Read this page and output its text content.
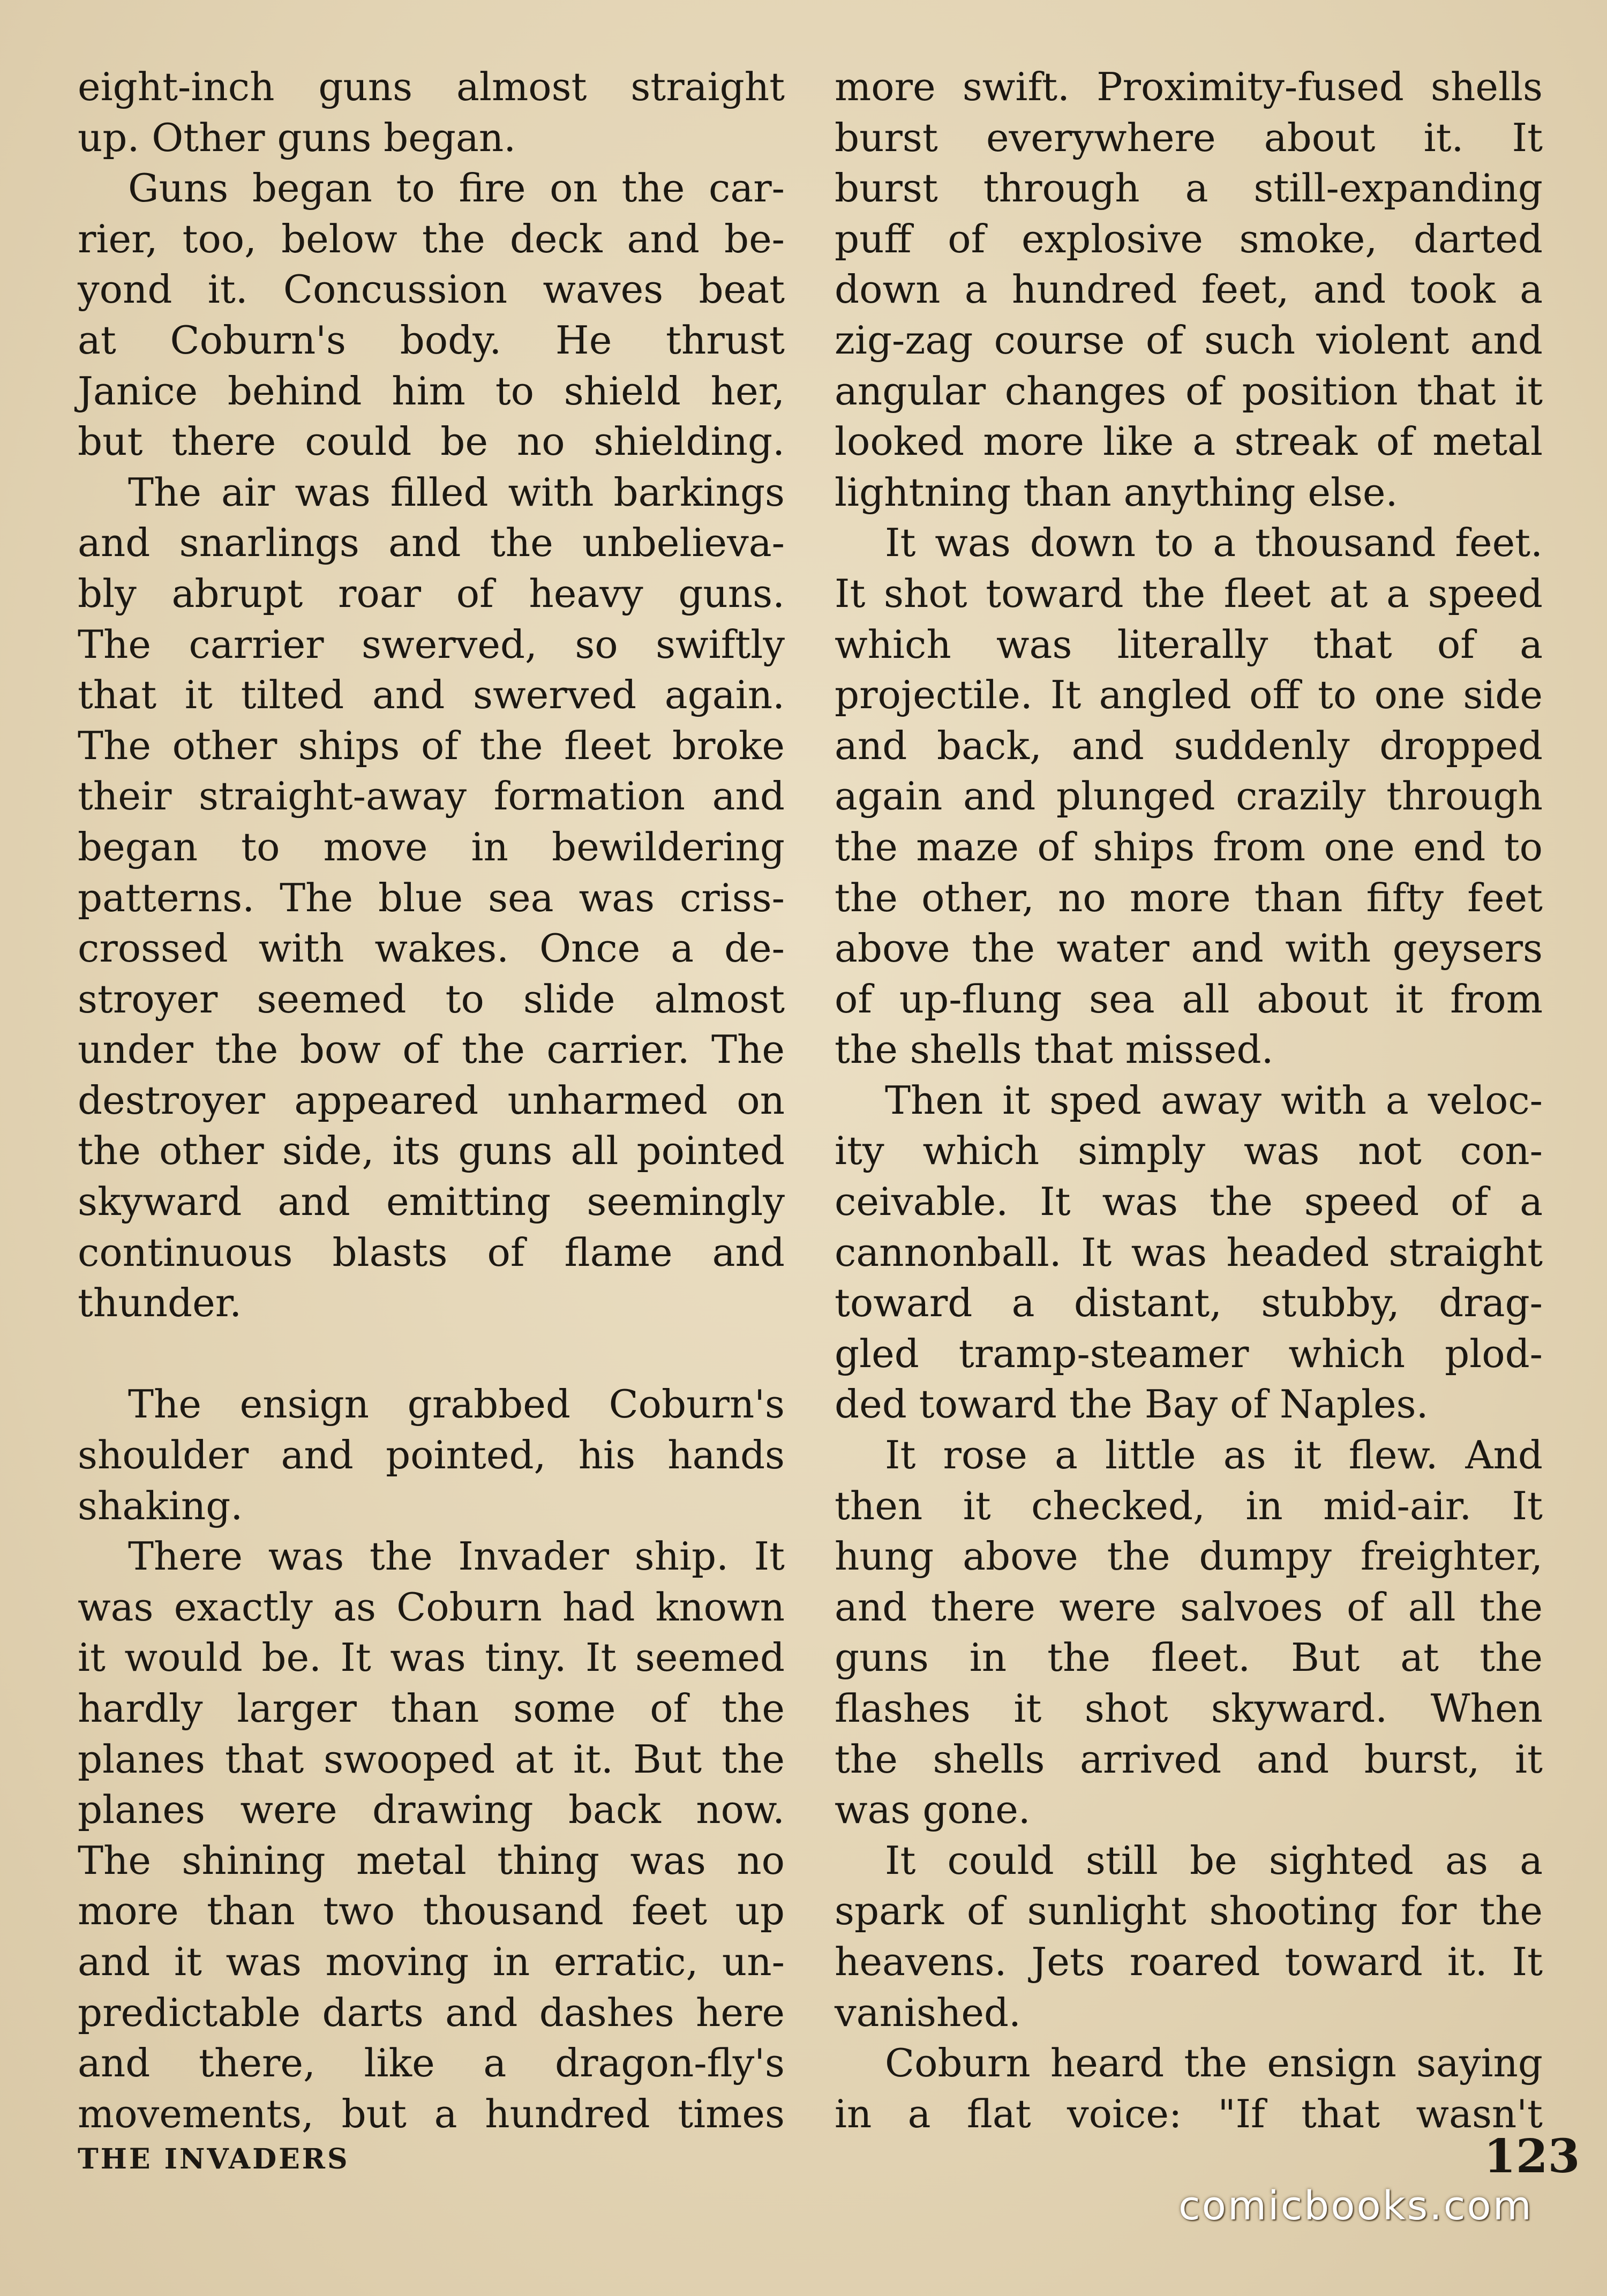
eight-inch guns almost straight
up. Other guns began.

Guns began to fire on the car-
rier, too, below the deck and be-
yond it. Concussion waves beat
at Coburn's body. He thrust
Janice behind him to shield her,
but there could be no shielding.

The air was filled with barkings
and snarlings and the unbelieva-
bly abrupt roar of heavy guns.
The carrier swerved, so swiftly
that it tilted and swerved again.
The other ships of the fleet broke
their straight-away formation and
began to move in bewildering
patterns. The blue sea was criss-
crossed with wakes. Once a de-
stroyer seemed to slide almost
under the bow of the carrier. The
destroyer appeared unharmed on
the other side, its guns all pointed
skyward and emitting seemingly
continuous blasts of flame and
thunder.

The ensign grabbed Coburn's
shoulder and pointed, his hands
shaking.

There was the Invader ship. It
was exactly as Coburn had known
it would be. It was tiny. It seemed
hardly larger than some of the
planes that swooped at it. But the
planes were drawing back now.
The shining metal thing was no
more than two thousand feet up
and it was moving in erratic, un-
predictable darts and dashes here
and there, like a dragon-fly's
movements, but a hundred times

more swift. Proximity-fused shells
burst everywhere about it. It
burst through a still-expanding
puff of explosive smoke, darted
down a hundred feet, and took a
zig-zag course of such violent and
angular changes of position that it
looked more like a streak of metal
lightning than anything else.

It was down to a thousand feet.
It shot toward the fleet at a speed
which was literally that of a
projectile. It angled off to one side
and back, and suddenly dropped
again and plunged crazily through
the maze of ships from one end to
the other, no more than fifty feet
above the water and with geysers
of up-flung sea all about it from
the shells that missed.

Then it sped away with a veloc-
ity which simply was not con-
ceivable. It was the speed of a
cannonball. It was headed straight
toward a distant, stubby, drag-
gled tramp-steamer which plod-
ded toward the Bay of Naples.

It rose a little as it flew. And
then it checked, in mid-air. It
hung above the dumpy freighter,
and there were salvoes of all the
guns in the fleet. But at the
flashes it shot skyward. When
the shells arrived and burst, it
was gone.

It could still be sighted as a
spark of sunlight shooting for the
heavens. Jets roared toward it. It
vanished.

Coburn heard the ensign saying
in a flat voice: "If that wasn't

THE INVADERS	123
comicbooks.com
